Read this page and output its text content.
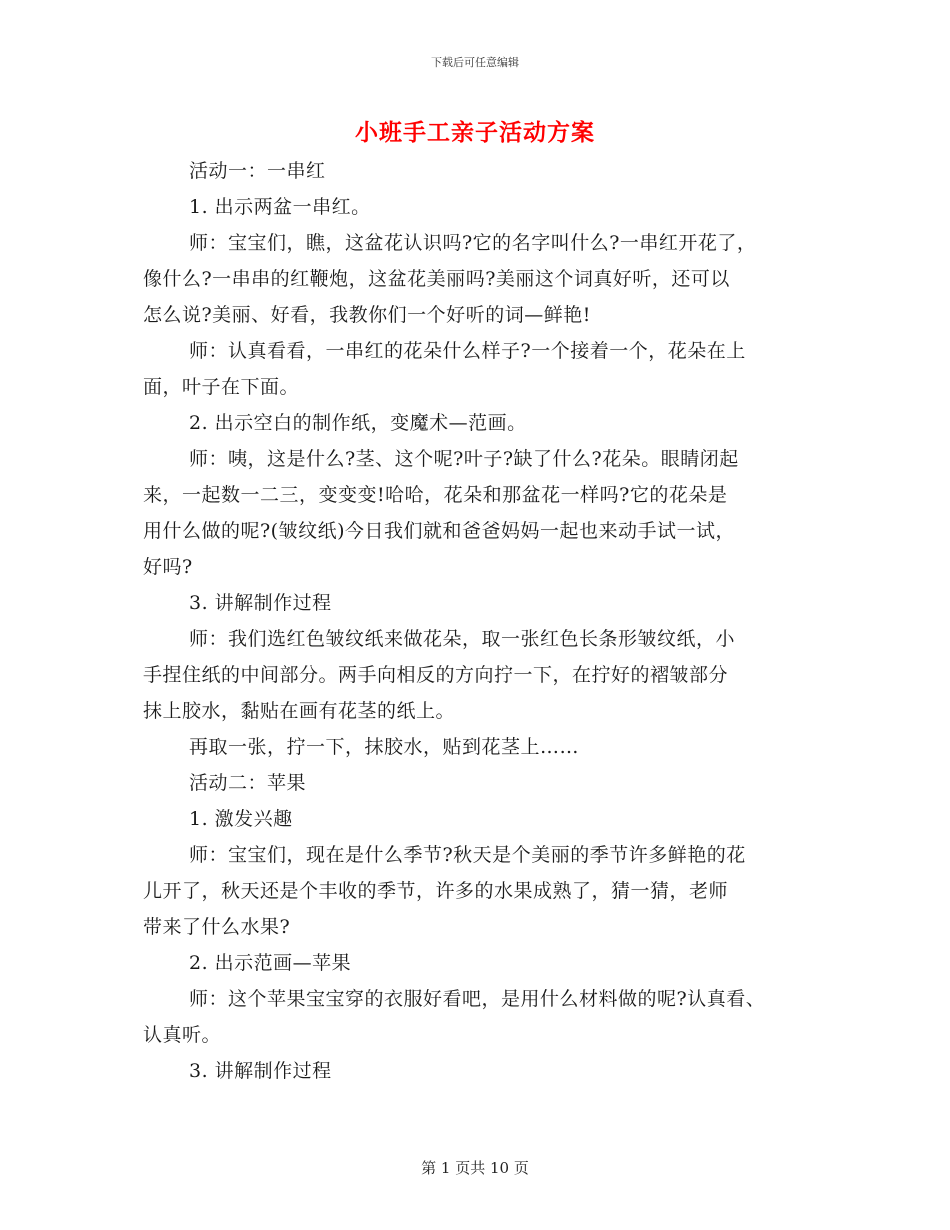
下载后可任意编辑
小班手工亲子活动方案

活动一：一串红

1. 出示两盆一串红。

师：宝宝们，瞧，这盆花认识吗?它的名字叫什么?一串红开花了，

像什么?一串串的红鞭炮，这盆花美丽吗?美丽这个词真好听，还可以

怎么说?美丽、好看，我教你们一个好听的词—鲜艳!

师：认真看看，一串红的花朵什么样子?一个接着一个，花朵在上

面，叶子在下面。

2. 出示空白的制作纸，变魔术—范画。

师：咦，这是什么?茎、这个呢?叶子?缺了什么?花朵。眼睛闭起

来，一起数一二三，变变变!哈哈，花朵和那盆花一样吗?它的花朵是

用什么做的呢?(皱纹纸)今日我们就和爸爸妈妈一起也来动手试一试，

好吗?

3. 讲解制作过程

师：我们选红色皱纹纸来做花朵，取一张红色长条形皱纹纸，小

手捏住纸的中间部分。两手向相反的方向拧一下，在拧好的褶皱部分

抹上胶水，黏贴在画有花茎的纸上。

再取一张，拧一下，抹胶水，贴到花茎上……

活动二：苹果

1. 激发兴趣

师：宝宝们，现在是什么季节?秋天是个美丽的季节许多鲜艳的花

儿开了，秋天还是个丰收的季节，许多的水果成熟了，猜一猜，老师

带来了什么水果?

2. 出示范画—苹果

师：这个苹果宝宝穿的衣服好看吧，是用什么材料做的呢?认真看、

认真听。

3. 讲解制作过程

第 1 页共 10 页
